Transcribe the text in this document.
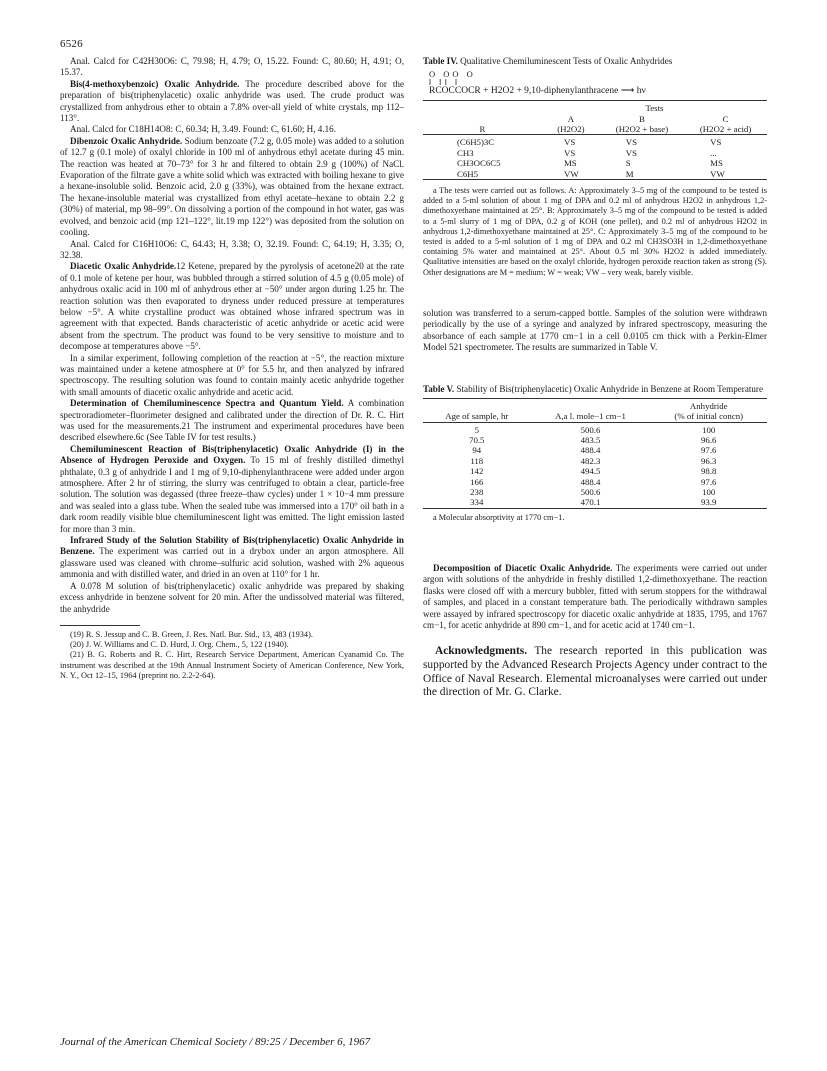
6526

Anal. Calcd for C42H30O6: C, 79.98; H, 4.79; O, 15.22. Found: C, 80.60; H, 4.91; O, 15.37.

Bis(4-methoxybenzoic) Oxalic Anhydride. The procedure described above for the preparation of bis(triphenylacetic) oxalic anhydride was used. The crude product was crystallized from anhydrous ether to obtain a 7.8% over-all yield of white crystals, mp 112–113°.

Anal. Calcd for C18H14O8: C, 60.34; H, 3.49. Found: C, 61.60; H, 4.16.

Dibenzoic Oxalic Anhydride. Sodium benzoate (7.2 g, 0.05 mole) was added to a solution of 12.7 g (0.1 mole) of oxalyl chloride in 100 ml of anhydrous ethyl acetate during 45 min. The reaction was heated at 70–73° for 3 hr and filtered to obtain 2.9 g (100%) of NaCl. Evaporation of the filtrate gave a white solid which was extracted with boiling hexane to give a hexane-insoluble solid. Benzoic acid, 2.0 g (33%), was obtained from the hexane extract. The hexane-insoluble material was crystallized from ethyl acetate–hexane to obtain 2.2 g (30%) of material, mp 98–99°. On dissolving a portion of the compound in hot water, gas was evolved, and benzoic acid (mp 121–122°, lit.19 mp 122°) was deposited from the solution on cooling.

Anal. Calcd for C16H10O6: C, 64.43; H, 3.38; O, 32.19. Found: C, 64.19; H, 3.35; O, 32.38.

Diacetic Oxalic Anhydride.12 Ketene, prepared by the pyrolysis of acetone20 at the rate of 0.1 mole of ketene per hour, was bubbled through a stirred solution of 4.5 g (0.05 mole) of anhydrous oxalic acid in 100 ml of anhydrous ether at −50° under argon during 1.25 hr. The reaction solution was then evaporated to dryness under reduced pressure at temperatures below −5°. A white crystalline product was obtained whose infrared spectrum was in agreement with that expected. Bands characteristic of acetic anhydride or acetic acid were absent from the spectrum. The product was found to be very sensitive to moisture and to decompose at temperatures above −5°.

In a similar experiment, following completion of the reaction at −5°, the reaction mixture was maintained under a ketene atmosphere at 0° for 5.5 hr, and then analyzed by infrared spectroscopy. The resulting solution was found to contain mainly acetic anhydride together with small amounts of diacetic oxalic anhydride and acetic acid.

Determination of Chemiluminescence Spectra and Quantum Yield. A combination spectroradiometer–fluorimeter designed and calibrated under the direction of Dr. R. C. Hirt was used for the measurements.21 The instrument and experimental procedures have been described elsewhere.6c (See Table IV for test results.)

Chemiluminescent Reaction of Bis(triphenylacetic) Oxalic Anhydride (I) in the Absence of Hydrogen Peroxide and Oxygen. To 15 ml of freshly distilled dimethyl phthalate, 0.3 g of anhydride I and 1 mg of 9,10-diphenylanthracene were added under argon atmosphere. After 2 hr of stirring, the slurry was centrifuged to obtain a clear, particle-free solution. The solution was degassed (three freeze–thaw cycles) under 1 × 10−4 mm pressure and was sealed into a glass tube. When the sealed tube was immersed into a 170° oil bath in a dark room readily visible blue chemiluminescent light was emitted. The light emission lasted for more than 3 min.

Infrared Study of the Solution Stability of Bis(triphenylacetic) Oxalic Anhydride in Benzene. The experiment was carried out in a drybox under an argon atmosphere. All glassware used was cleaned with chrome–sulfuric acid solution, washed with 2% aqueous ammonia and with distilled water, and dried in an oven at 110° for 1 hr.

A 0.078 M solution of bis(triphenylacetic) oxalic anhydride was prepared by shaking excess anhydride in benzene solvent for 20 min. After the undissolved material was filtered, the anhydride

(19) R. S. Jessup and C. B. Green, J. Res. Natl. Bur. Std., 13, 483 (1934).

(20) J. W. Williams and C. D. Hurd, J. Org. Chem., 5, 122 (1940).

(21) B. G. Roberts and R. C. Hirt, Research Service Department, American Cyanamid Co. The instrument was described at the 19th Annual Instrument Society of American Conference, New York, N. Y., Oct 12–15, 1964 (preprint no. 2.2-2-64).

Table IV. Qualitative Chemiluminescent Tests of Oxalic Anhydrides

O OO O
‖ ‖‖ ‖
RCOCCOCR + H2O2 + 9,10-diphenylanthracene ⟶ hν

	Tests		
	A	B	C
R	(H2O2)	(H2O2 + base)	(H2O2 + acid)

(C6H5)3C	VS	VS	VS
CH3	VS	VS	...
CH3OC6C5	MS	S	MS
C6H5	VW	M	VW

a The tests were carried out as follows. A: Approximately 3–5 mg of the compound to be tested is added to a 5-ml solution of about 1 mg of DPA and 0.2 ml of anhydrous H2O2 in anhydrous 1,2-dimethoxyethane maintained at 25°. B: Approximately 3–5 mg of the compound to be tested is added to a 5-ml slurry of 1 mg of DPA, 0.2 g of KOH (one pellet), and 0.2 ml of anhydrous H2O2 in anhydrous 1,2-dimethoxyethane maintained at 25°. C: Approximately 3–5 mg of the compound to be tested is added to a 5-ml solution of 1 mg of DPA and 0.2 ml CH3SO3H in 1,2-dimethoxyethane containing 5% water and maintained at 25°. About 0.5 ml 30% H2O2 is added immediately. Qualitative intensities are based on the oxalyl chloride, hydrogen peroxide reaction taken as strong (S). Other designations are M = medium; W = weak; VW – very weak, barely visible.

solution was transferred to a serum-capped bottle. Samples of the solution were withdrawn periodically by the use of a syringe and analyzed by infrared spectroscopy, measuring the absorbance of each sample at 1770 cm−1 in a cell 0.0105 cm thick with a Perkin-Elmer Model 521 spectrometer. The results are summarized in Table V.

Table V. Stability of Bis(triphenylacetic) Oxalic Anhydride in Benzene at Room Temperature

		Anhydride
Age of sample, hr	A,a l. mole−1 cm−1	(% of initial concn)

5	500.6	100
70.5	483.5	96.6
94	488.4	97.6
118	482.3	96.3
142	494.5	98.8
166	488.4	97.6
238	500.6	100
334	470.1	93.9

a Molecular absorptivity at 1770 cm−1.

Decomposition of Diacetic Oxalic Anhydride. The experiments were carried out under argon with solutions of the anhydride in freshly distilled 1,2-dimethoxyethane. The reaction flasks were closed off with a mercury bubbler, fitted with serum stoppers for the withdrawal of samples, and placed in a constant temperature bath. The periodically withdrawn samples were assayed by infrared spectroscopy for diacetic oxalic anhydride at 1835, 1795, and 1767 cm−1, for acetic anhydride at 890 cm−1, and for acetic acid at 1740 cm−1.

Acknowledgments. The research reported in this publication was supported by the Advanced Research Projects Agency under contract to the Office of Naval Research. Elemental microanalyses were carried out under the direction of Mr. G. Clarke.

Journal of the American Chemical Society / 89:25 / December 6, 1967
